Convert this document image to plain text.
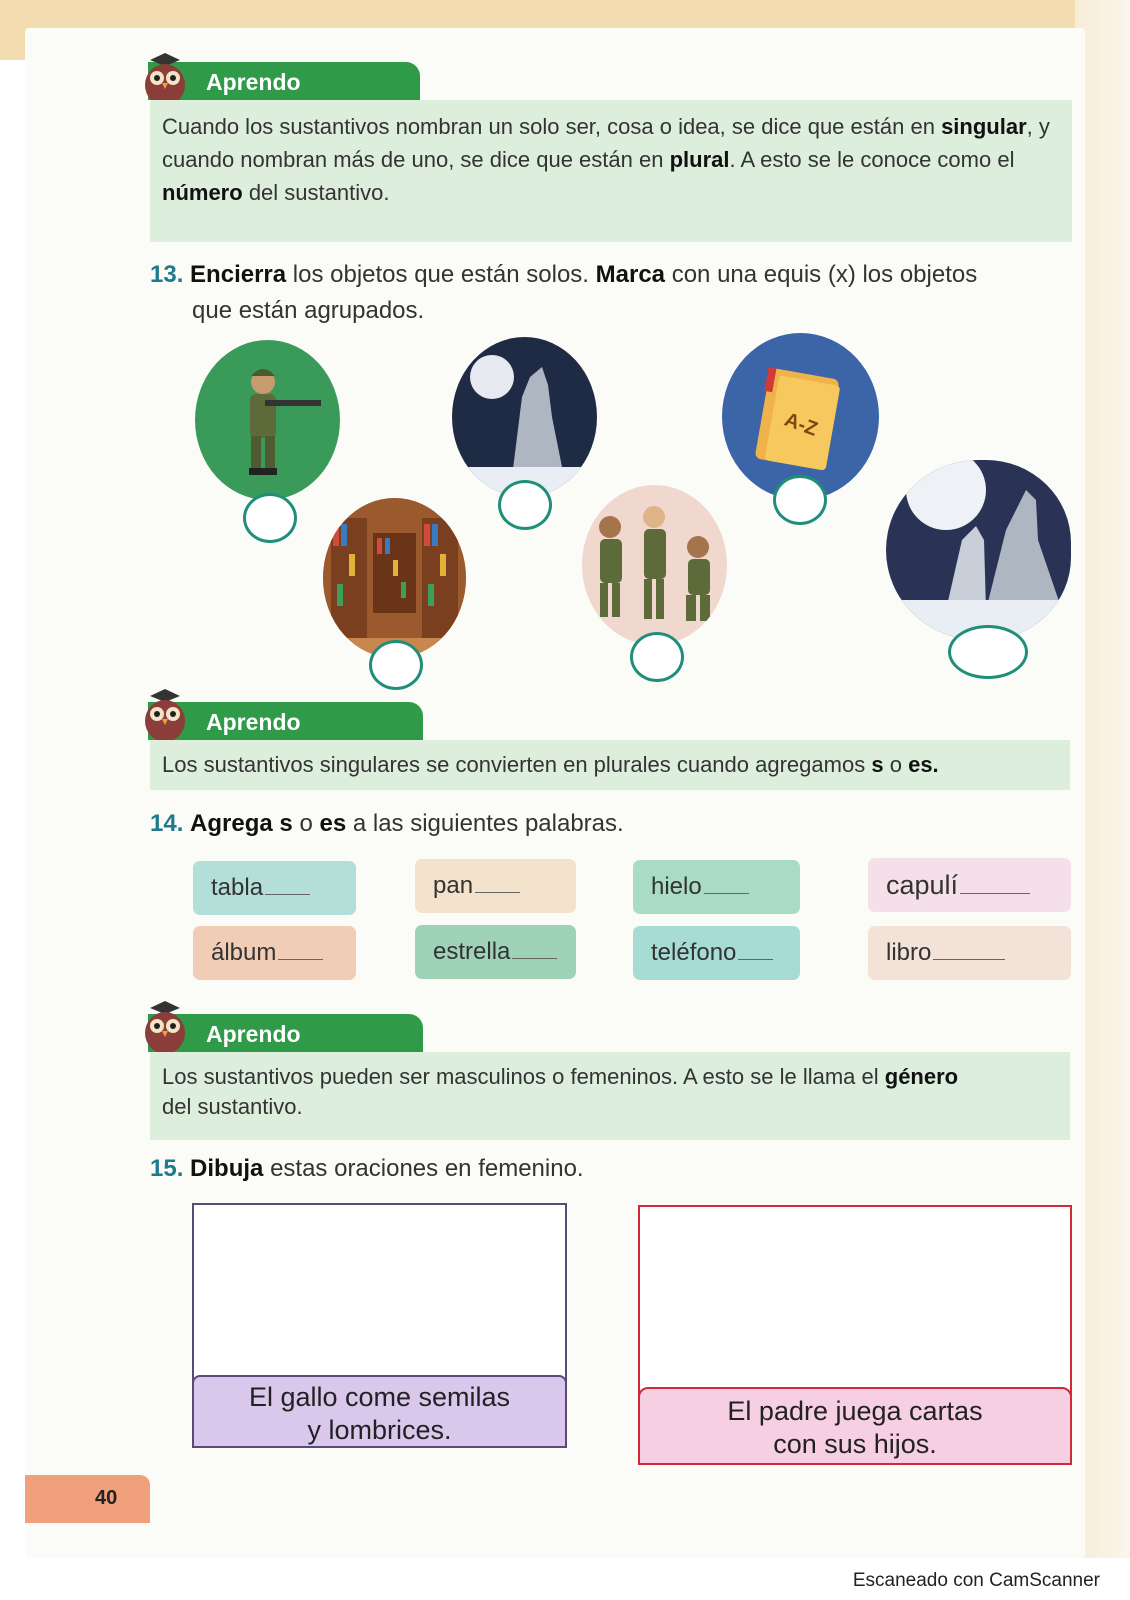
Aprendo
Cuando los sustantivos nombran un solo ser, cosa o idea, se dice que están en singular, y cuando nombran más de uno, se dice que están en plural. A esto se le conoce como el número del sustantivo.
13. Encierra los objetos que están solos. Marca con una equis (x) los objetos
que están agrupados.
A-Z
Aprendo
Los sustantivos singulares se convierten en plurales cuando agregamos s o es.
14. Agrega s o es a las siguientes palabras.
tabla	pan	hielo	capulí
álbum	estrella	teléfono	libro
Aprendo
Los sustantivos pueden ser masculinos o femeninos. A esto se le llama el género
del sustantivo.
15. Dibuja estas oraciones en femenino.
El gallo come semilas
y lombrices.
El padre juega cartas
con sus hijos.
40
Escaneado con CamScanner
